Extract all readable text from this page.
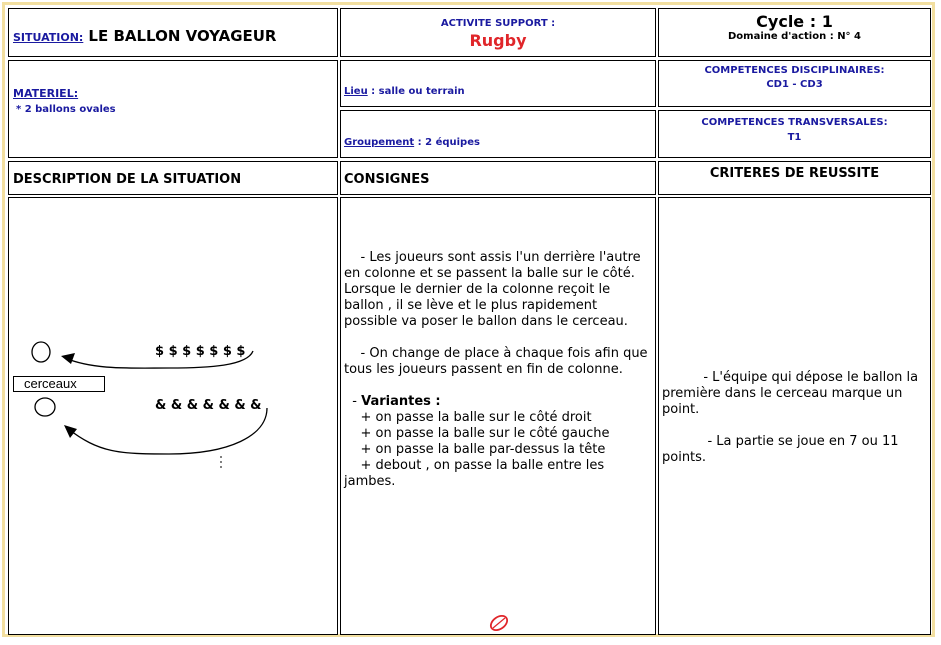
SITUATION: LE BALLON VOYAGEUR
ACTIVITE SUPPORT :
Rugby
Cycle : 1
Domaine d'action : N° 4
MATERIEL:
* 2 ballons ovales
Lieu : salle ou terrain
Groupement : 2 équipes
COMPETENCES DISCIPLINAIRES:
CD1 - CD3
COMPETENCES TRANSVERSALES:
T1
DESCRIPTION DE LA SITUATION	CONSIGNES	CRITERES DE REUSSITE
$ $ $ $ $ $ $
& & & & & & &
cerceaux

- Les joueurs sont assis l'un derrière l'autre en colonne et se passent la balle sur le côté. Lorsque le dernier de la colonne reçoit le ballon , il se lève et le plus rapidement possible va poser le ballon dans le cerceau.

- On change de place à chaque fois afin que tous les joueurs passent en fin de colonne.

- Variantes :

+ on passe la balle sur le côté droit

+ on passe la balle sur le côté gauche

+ on passe la balle par-dessus la tête

+ debout , on passe la balle entre les jambes.

- L'équipe qui dépose le ballon la première dans le cerceau marque un point.

- La partie se joue en 7 ou 11 points.
